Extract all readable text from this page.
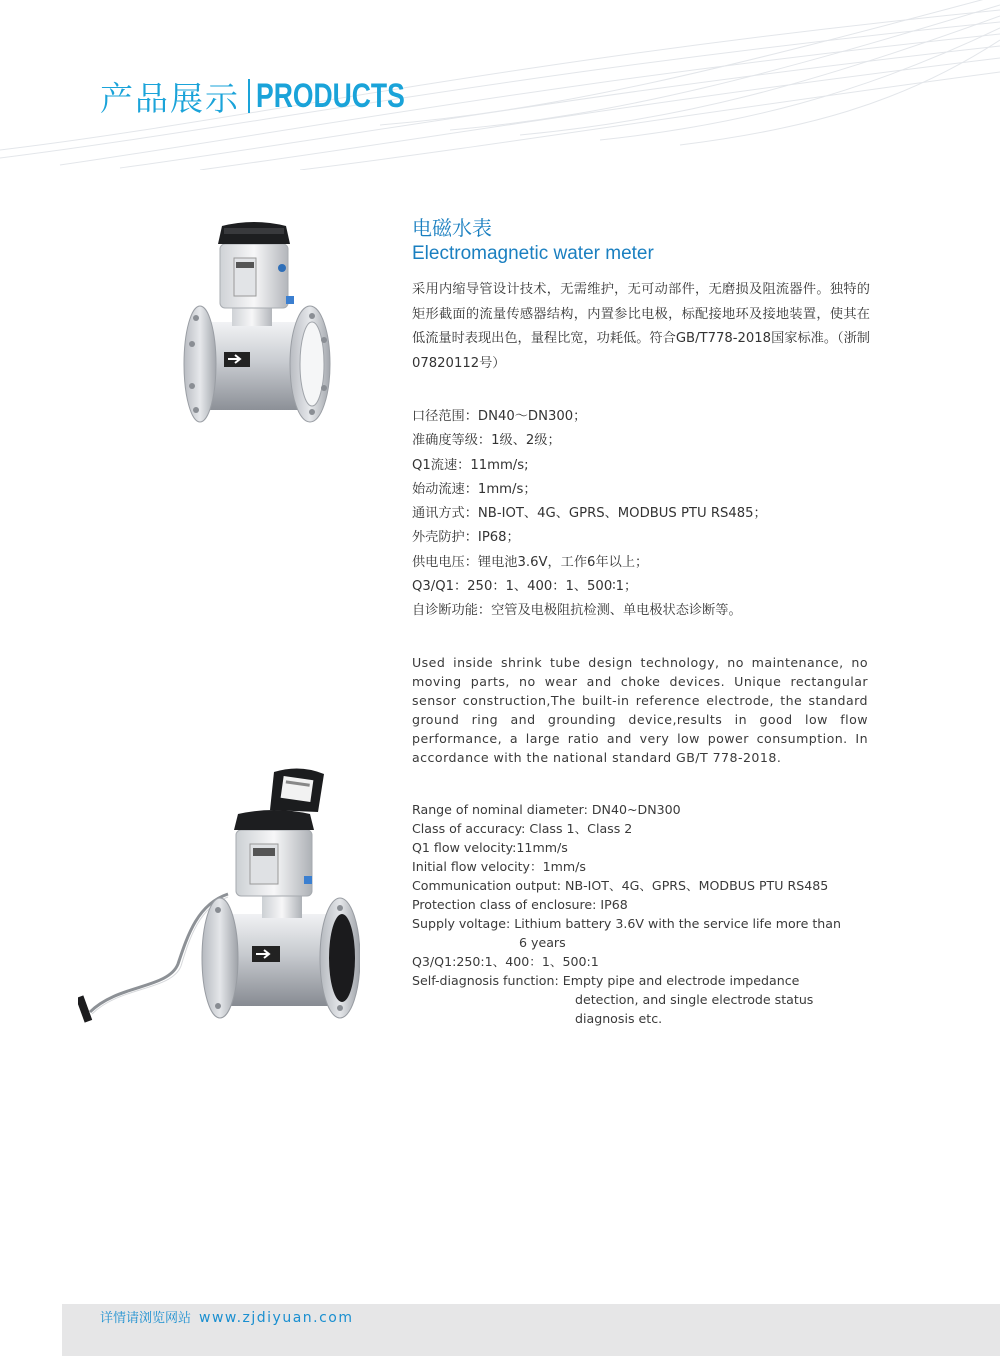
产品展示 PRODUCTS
电磁水表
Electromagnetic water meter
采用内缩导管设计技术，无需维护，无可动部件，无磨损及阻流器件。独特的矩形截面的流量传感器结构，内置参比电极，标配接地环及接地装置，使其在低流量时表现出色，量程比宽，功耗低。符合GB/T778-2018国家标准。（浙制07820112号）
口径范围：DN40～DN300；
准确度等级：1级、2级；
Q1流速：11mm/s;
始动流速：1mm/s；
通讯方式：NB-IOT、4G、GPRS、MODBUS PTU RS485；
外壳防护：IP68；
供电电压：锂电池3.6V，工作6年以上；
Q3/Q1：250：1、400：1、500∶1；
自诊断功能：空管及电极阻抗检测、单电极状态诊断等。
Used inside shrink tube design technology, no maintenance, no moving parts, no wear and choke devices. Unique rectangular sensor construction,The built-in reference electrode, the standard ground ring and grounding device,results in good low flow performance, a large ratio and very low power consumption. In accordance with the national standard GB/T 778-2018.
Range of nominal diameter: DN40~DN300
Class of accuracy: Class 1、Class 2
Q1 flow velocity:11mm/s
Initial flow velocity：1mm/s
Communication output: NB-IOT、4G、GPRS、MODBUS PTU RS485
Protection class of enclosure: IP68
Supply voltage: Lithium battery 3.6V with the service life more than
6 years
Q3/Q1:250:1、400：1、500:1
Self-diagnosis function: Empty pipe and electrode impedance
detection, and single electrode status
diagnosis etc.
详情请浏览网站 www.zjdiyuan.com
